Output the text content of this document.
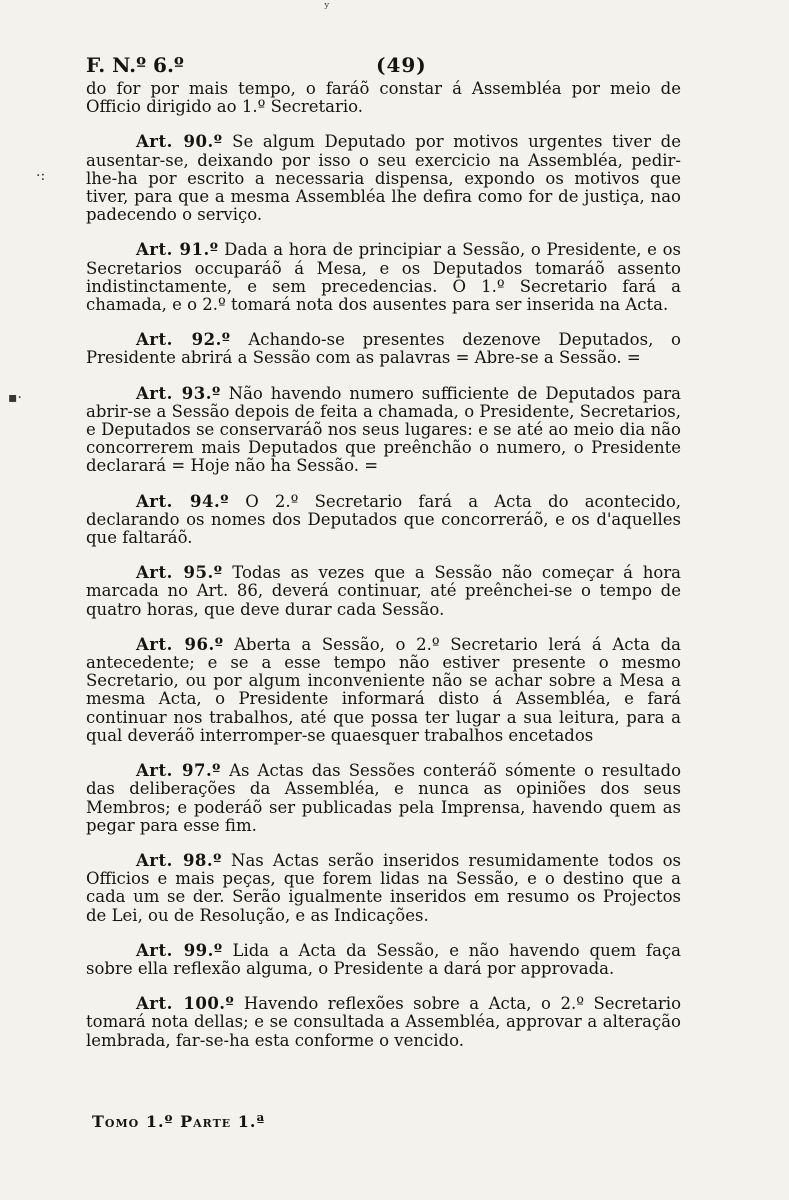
F. N.º 6.º	(49)

do for por mais tempo, o faráõ constar á Assembléa por meio de Officio dirigido ao 1.º Secretario.

Art. 90.º Se algum Deputado por motivos urgentes tiver de ausentar-se, deixando por isso o seu exercicio na Assembléa, pedir-lhe-ha por escrito a necessaria dispensa, expondo os motivos que tiver, para que a mesma Assembléa lhe defira como for de justiça, nao padecendo o serviço.

Art. 91.º Dada a hora de principiar a Sessão, o Presidente, e os Secretarios occuparáõ á Mesa, e os Deputados tomaráõ assento indistinctamente, e sem precedencias. O 1.º Secretario fará a chamada, e o 2.º tomará nota dos ausentes para ser inserida na Acta.

Art. 92.º Achando-se presentes dezenove Deputados, o Presidente abrirá a Sessão com as palavras = Abre-se a Sessão. =

Art. 93.º Não havendo numero sufficiente de Deputados para abrir-se a Sessão depois de feita a chamada, o Presidente, Secretarios, e Deputados se conservaráõ nos seus lugares: e se até ao meio dia não concorrerem mais Deputados que preênchão o numero, o Presidente declarará = Hoje não ha Sessão. =

Art. 94.º O 2.º Secretario fará a Acta do acontecido, declarando os nomes dos Deputados que concorreráõ, e os d'aquelles que faltaráõ.

Art. 95.º Todas as vezes que a Sessão não começar á hora marcada no Art. 86, deverá continuar, até preênchei-se o tempo de quatro horas, que deve durar cada Sessão.

Art. 96.º Aberta a Sessão, o 2.º Secretario lerá á Acta da antecedente; e se a esse tempo não estiver presente o mesmo Secretario, ou por algum inconveniente não se achar sobre a Mesa a mesma Acta, o Presidente informará disto á Assembléa, e fará continuar nos trabalhos, até que possa ter lugar a sua leitura, para a qual deveráõ interromper-se quaesquer trabalhos encetados

Art. 97.º As Actas das Sessões conteráõ sómente o resultado das deliberações da Assembléa, e nunca as opiniões dos seus Membros; e poderáõ ser publicadas pela Imprensa, havendo quem as pegar para esse fim.

Art. 98.º Nas Actas serão inseridos resumidamente todos os Officios e mais peças, que forem lidas na Sessão, e o destino que a cada um se der. Serão igualmente inseridos em resumo os Projectos de Lei, ou de Resolução, e as Indicações.

Art. 99.º Lida a Acta da Sessão, e não havendo quem faça sobre ella reflexão alguma, o Presidente a dará por approvada.

Art. 100.º Havendo reflexões sobre a Acta, o 2.º Secretario tomará nota dellas; e se consultada a Assembléa, approvar a alteração lembrada, far-se-ha esta conforme o vencido.

Tomo 1.º Parte 1.ª
·:
▪·
ʸ
